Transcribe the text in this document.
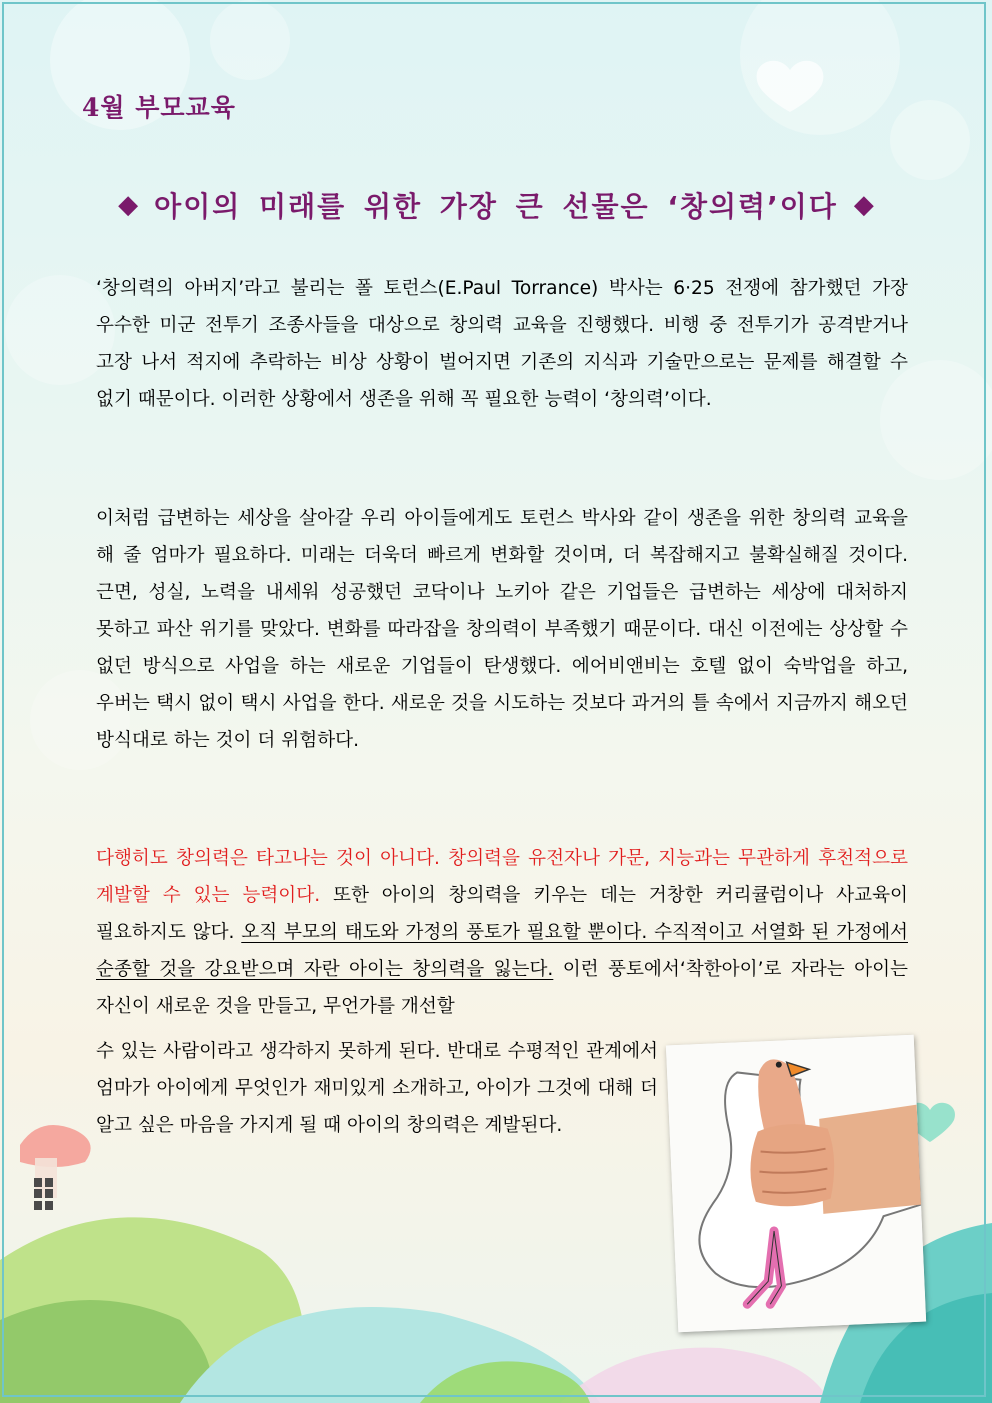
4월 부모교육
◆ 아이의 미래를 위한 가장 큰 선물은 ‘창의력’이다 ◆

‘창의력의 아버지’라고 불리는 폴 토런스(E.Paul Torrance) 박사는 6·25 전쟁에 참가했던 가장 우수한 미군 전투기 조종사들을 대상으로 창의력 교육을 진행했다. 비행 중 전투기가 공격받거나 고장 나서 적지에 추락하는 비상 상황이 벌어지면 기존의 지식과 기술만으로는 문제를 해결할 수 없기 때문이다. 이러한 상황에서 생존을 위해 꼭 필요한 능력이 ‘창의력’이다.

이처럼 급변하는 세상을 살아갈 우리 아이들에게도 토런스 박사와 같이 생존을 위한 창의력 교육을 해 줄 엄마가 필요하다. 미래는 더욱더 빠르게 변화할 것이며, 더 복잡해지고 불확실해질 것이다. 근면, 성실, 노력을 내세워 성공했던 코닥이나 노키아 같은 기업들은 급변하는 세상에 대처하지 못하고 파산 위기를 맞았다. 변화를 따라잡을 창의력이 부족했기 때문이다. 대신 이전에는 상상할 수 없던 방식으로 사업을 하는 새로운 기업들이 탄생했다. 에어비앤비는 호텔 없이 숙박업을 하고, 우버는 택시 없이 택시 사업을 한다. 새로운 것을 시도하는 것보다 과거의 틀 속에서 지금까지 해오던 방식대로 하는 것이 더 위험하다.

다행히도 창의력은 타고나는 것이 아니다. 창의력을 유전자나 가문, 지능과는 무관하게 후천적으로 계발할 수 있는 능력이다. 또한 아이의 창의력을 키우는 데는 거창한 커리큘럼이나 사교육이 필요하지도 않다. 오직 부모의 태도와 가정의 풍토가 필요할 뿐이다. 수직적이고 서열화 된 가정에서 순종할 것을 강요받으며 자란 아이는 창의력을 잃는다. 이런 풍토에서‘착한아이’로 자라는 아이는 자신이 새로운 것을 만들고, 무언가를 개선할

수 있는 사람이라고 생각하지 못하게 된다. 반대로 수평적인 관계에서 엄마가 아이에게 무엇인가 재미있게 소개하고, 아이가 그것에 대해 더 알고 싶은 마음을 가지게 될 때 아이의 창의력은 계발된다.
